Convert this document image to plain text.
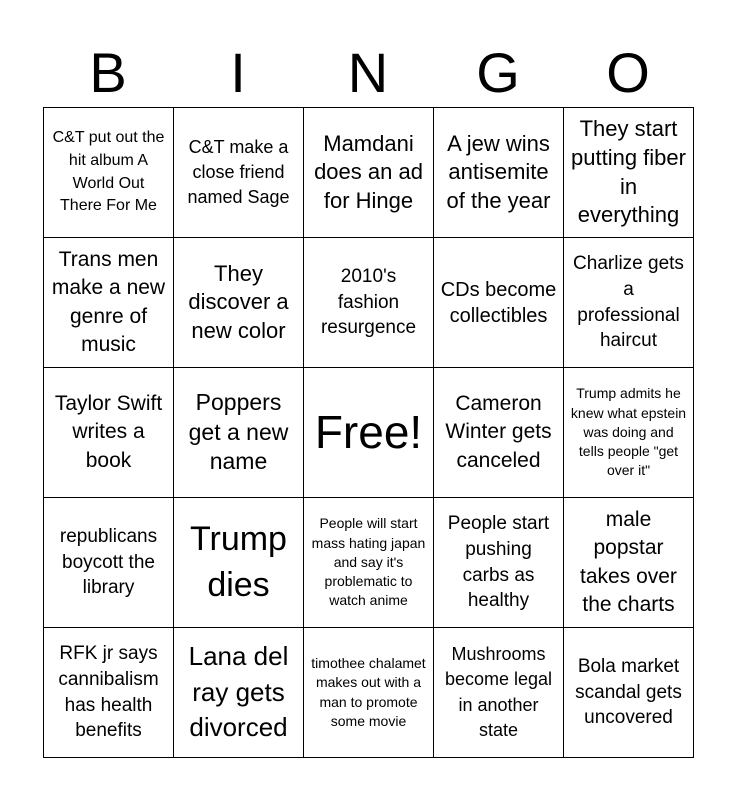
B	I	N	G	O
C&T put out the hit album A World Out There For Me	C&T make a close friend named Sage	Mamdani does an ad for Hinge	A jew wins antisemite of the year	They start putting fiber in everything

Trans men make a new genre of music	They discover a new color	2010's fashion resurgence	CDs become collectibles	Charlize gets a professional haircut

Taylor Swift writes a book	Poppers get a new name	Free!	Cameron Winter gets canceled	Trump admits he knew what epstein was doing and tells people "get over it"

republicans boycott the library	Trump dies	People will start mass hating japan and say it's problematic to watch anime	People start pushing carbs as healthy	male popstar takes over the charts

RFK jr says cannibalism has health benefits	Lana del ray gets divorced	timothee chalamet makes out with a man to promote some movie	Mushrooms become legal in another state	Bola market scandal gets uncovered
